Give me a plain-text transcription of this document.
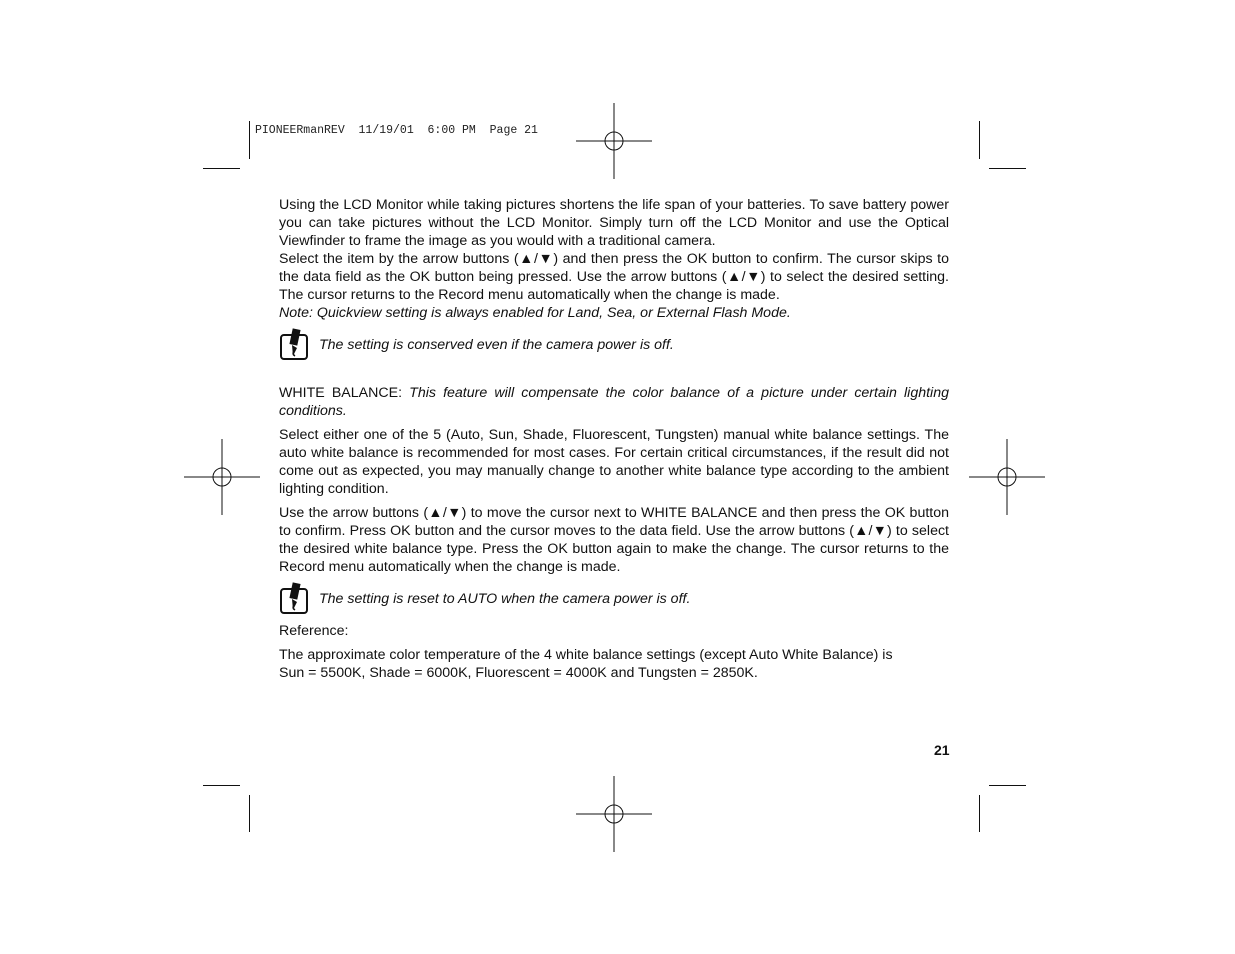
PIONEERmanREV  11/19/01  6:00 PM  Page 21

Using the LCD Monitor while taking pictures shortens the life span of your batteries. To save battery power you can take pictures without the LCD Monitor. Simply turn off the LCD Monitor and use the Optical Viewfinder to frame the image as you would with a traditional camera.

Select the item by the arrow buttons (▲/▼) and then press the OK button to confirm. The cursor skips to the data field as the OK button being pressed. Use the arrow buttons (▲/▼) to select the desired setting. The cursor returns to the Record menu automatically when the change is made.

Note: Quickview setting is always enabled for Land, Sea, or External Flash Mode.

The setting is conserved even if the camera power is off.

WHITE BALANCE: This feature will compensate the color balance of a picture under certain lighting conditions.

Select either one of the 5 (Auto, Sun, Shade, Fluorescent, Tungsten) manual white balance settings. The auto white balance is recommended for most cases. For certain critical circumstances, if the result did not come out as expected, you may manually change to another white balance type according to the ambient lighting condition.

Use the arrow buttons (▲/▼) to move the cursor next to WHITE BALANCE and then press the OK button to confirm. Press OK button and the cursor moves to the data field. Use the arrow buttons (▲/▼) to select the desired white balance type. Press the OK button again to make the change. The cursor returns to the Record menu automatically when the change is made.

The setting is reset to AUTO when the camera power is off.

Reference:

The approximate color temperature of the 4 white balance settings (except Auto White Balance) is

Sun = 5500K, Shade = 6000K, Fluorescent = 4000K and Tungsten = 2850K.

21
